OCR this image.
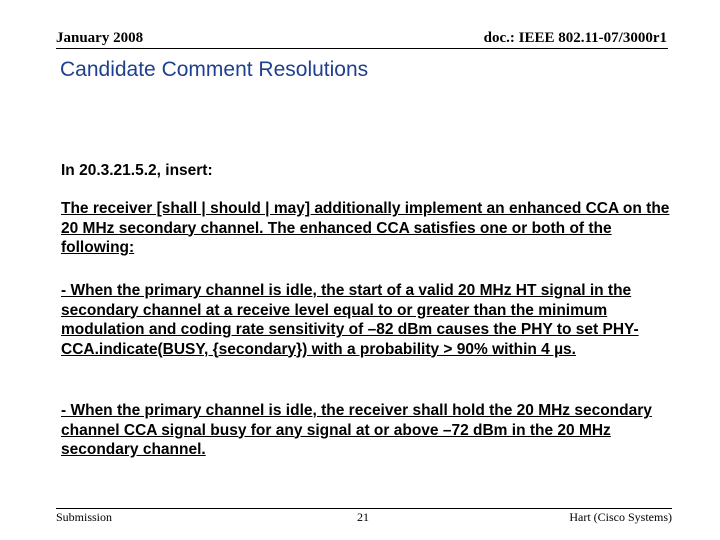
January 2008	doc.: IEEE 802.11-07/3000r1
Candidate Comment Resolutions
In 20.3.21.5.2, insert:
The receiver [shall | should | may] additionally implement an enhanced CCA on the 20 MHz secondary channel. The enhanced CCA satisfies one or both of the following:
- When the primary channel is idle, the start of a valid 20 MHz HT signal in the secondary channel at a receive level equal to or greater than the minimum modulation and coding rate sensitivity of –82 dBm causes the PHY to set PHY-CCA.indicate(BUSY, {secondary}) with a probability > 90% within 4 µs.
- When the primary channel is idle, the receiver shall hold the 20 MHz secondary channel CCA signal busy for any signal at or above –72 dBm in the 20 MHz secondary channel.
Submission	21	Hart (Cisco Systems)
